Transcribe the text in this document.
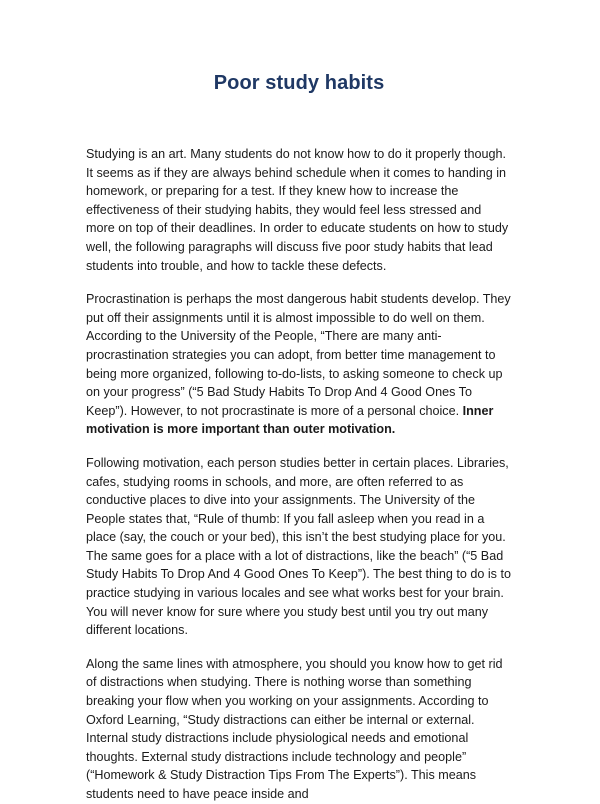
Poor study habits

Studying is an art. Many students do not know how to do it properly though. It seems as if they are always behind schedule when it comes to handing in homework, or preparing for a test. If they knew how to increase the effectiveness of their studying habits, they would feel less stressed and more on top of their deadlines. In order to educate students on how to study well, the following paragraphs will discuss five poor study habits that lead students into trouble, and how to tackle these defects.

Procrastination is perhaps the most dangerous habit students develop. They put off their assignments until it is almost impossible to do well on them. According to the University of the People, “There are many anti-procrastination strategies you can adopt, from better time management to being more organized, following to-do-lists, to asking someone to check up on your progress” (“5 Bad Study Habits To Drop And 4 Good Ones To Keep”). However, to not procrastinate is more of a personal choice. Inner motivation is more important than outer motivation.

Following motivation, each person studies better in certain places. Libraries, cafes, studying rooms in schools, and more, are often referred to as conductive places to dive into your assignments. The University of the People states that, “Rule of thumb: If you fall asleep when you read in a place (say, the couch or your bed), this isn’t the best studying place for you. The same goes for a place with a lot of distractions, like the beach” (“5 Bad Study Habits To Drop And 4 Good Ones To Keep”). The best thing to do is to practice studying in various locales and see what works best for your brain. You will never know for sure where you study best until you try out many different locations.

Along the same lines with atmosphere, you should you know how to get rid of distractions when studying. There is nothing worse than something breaking your flow when you working on your assignments. According to Oxford Learning, “Study distractions can either be internal or external. Internal study distractions include physiological needs and emotional thoughts. External study distractions include technology and people” (“Homework & Study Distraction Tips From The Experts”). This means students need to have peace inside and
